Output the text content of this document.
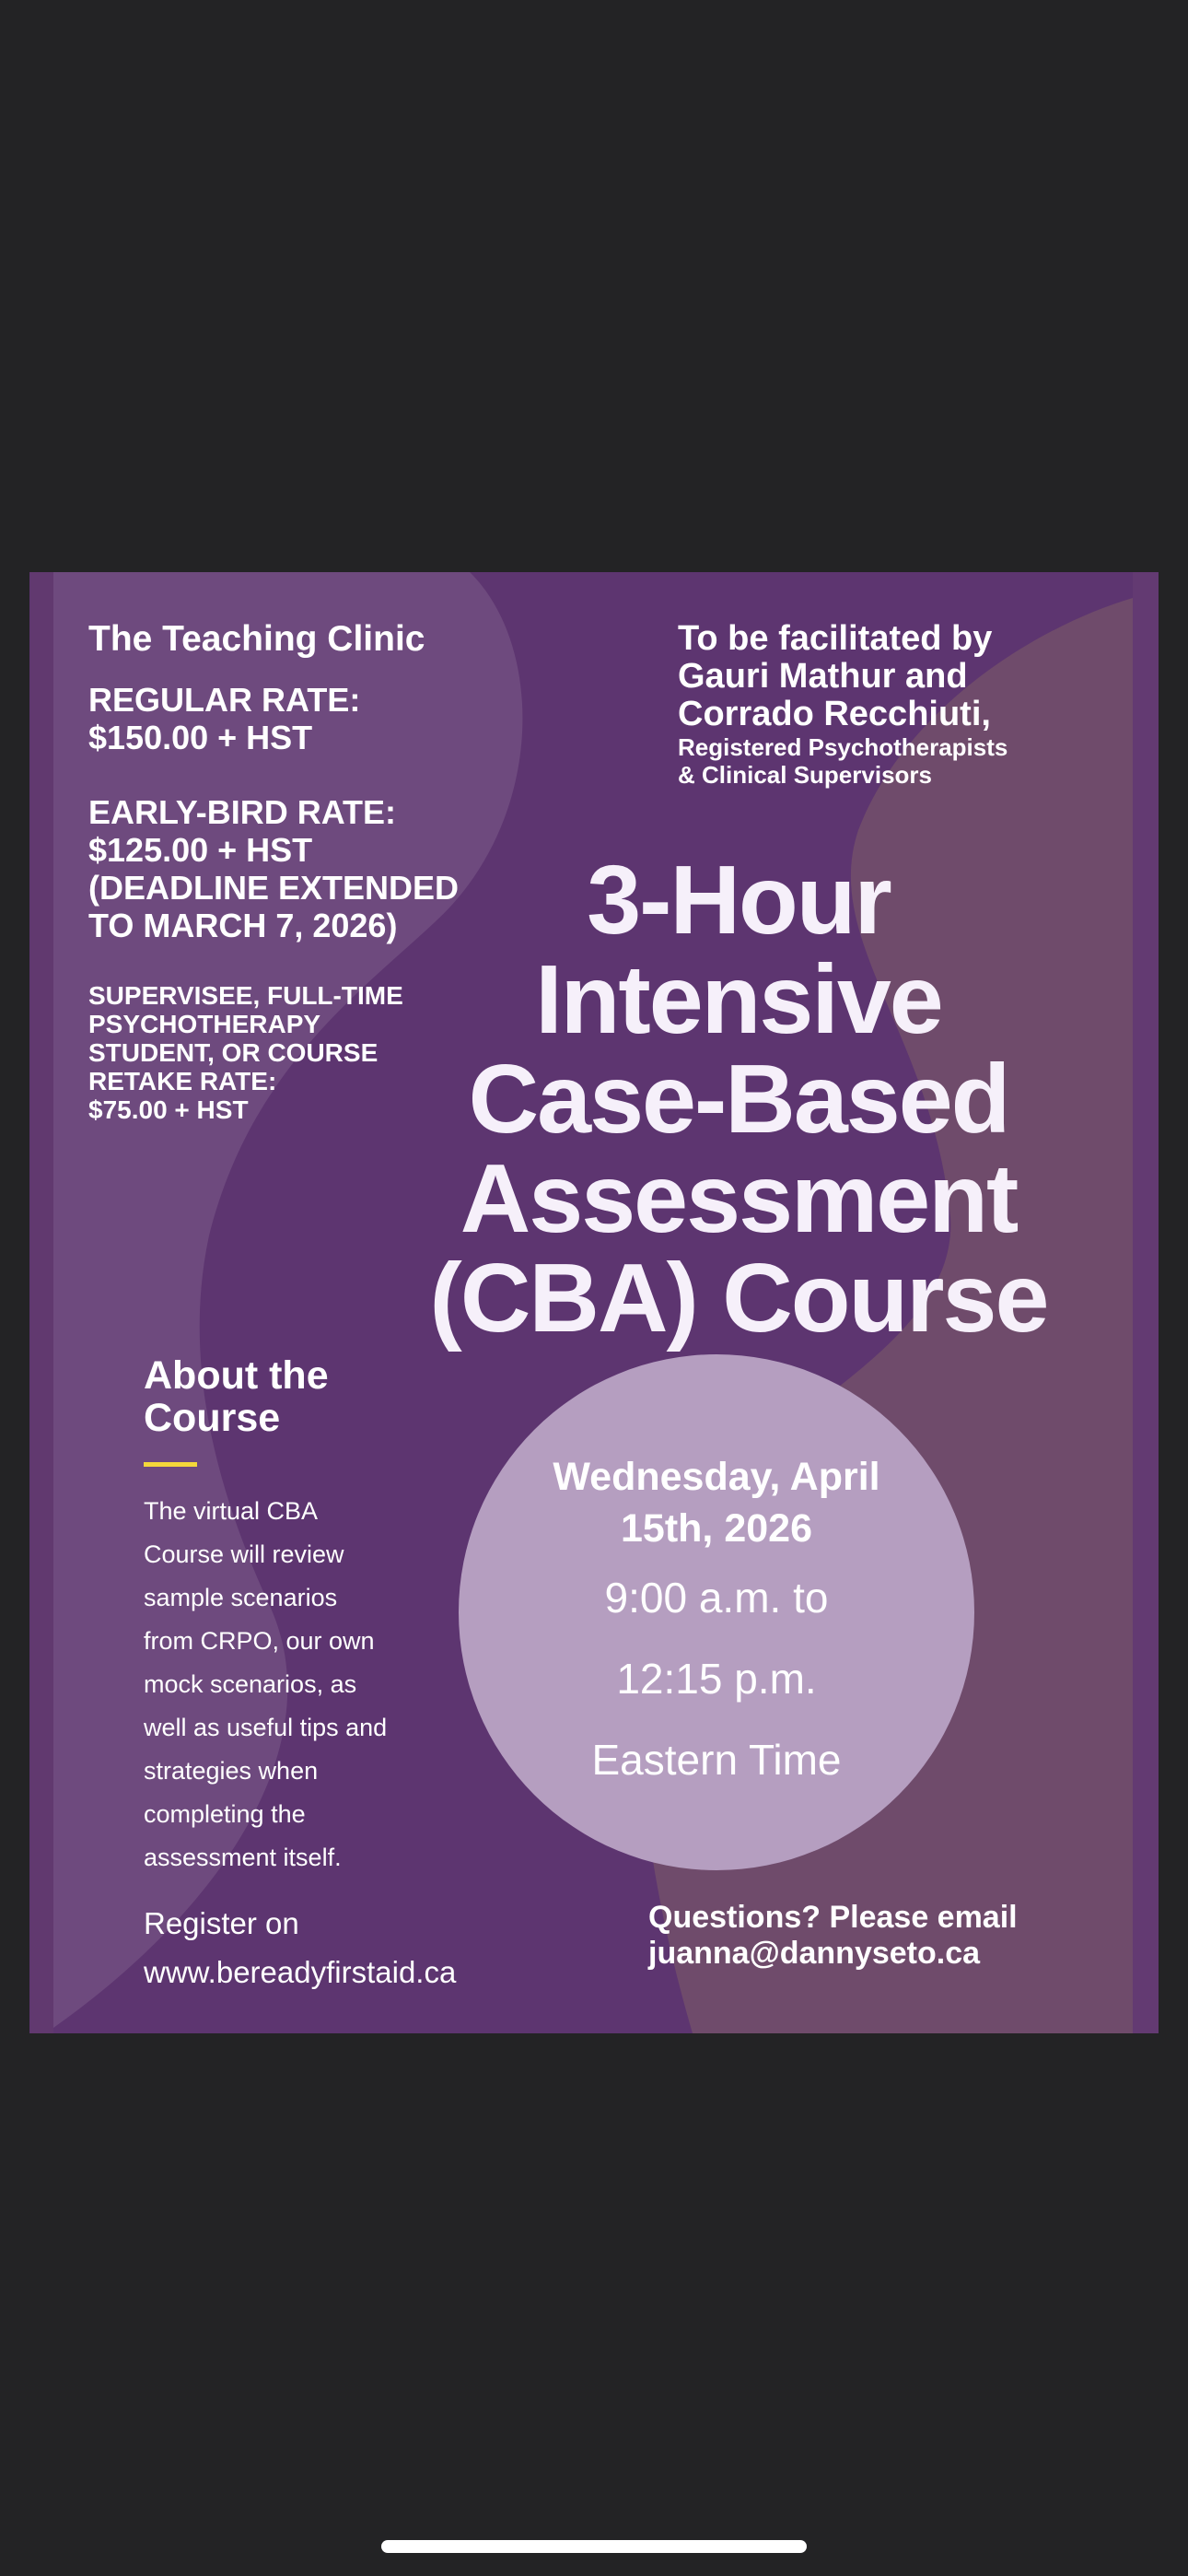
The Teaching Clinic
REGULAR RATE:
$150.00 + HST
EARLY-BIRD RATE:
$125.00 + HST
(DEADLINE EXTENDED
TO MARCH 7, 2026)
SUPERVISEE, FULL-TIME
PSYCHOTHERAPY
STUDENT, OR COURSE
RETAKE RATE:
$75.00 + HST
To be facilitated by
Gauri Mathur and
Corrado Recchiuti,
Registered Psychotherapists
& Clinical Supervisors
3-Hour
Intensive
Case-Based
Assessment
(CBA) Course
About the
Course
The virtual CBA
Course will review
sample scenarios
from CRPO, our own
mock scenarios, as
well as useful tips and
strategies when
completing the
assessment itself.
Register on
www.bereadyfirstaid.ca
Wednesday, April
15th, 2026
9:00 a.m. to
12:15 p.m.
Eastern Time
Questions? Please email
juanna@dannyseto.ca
